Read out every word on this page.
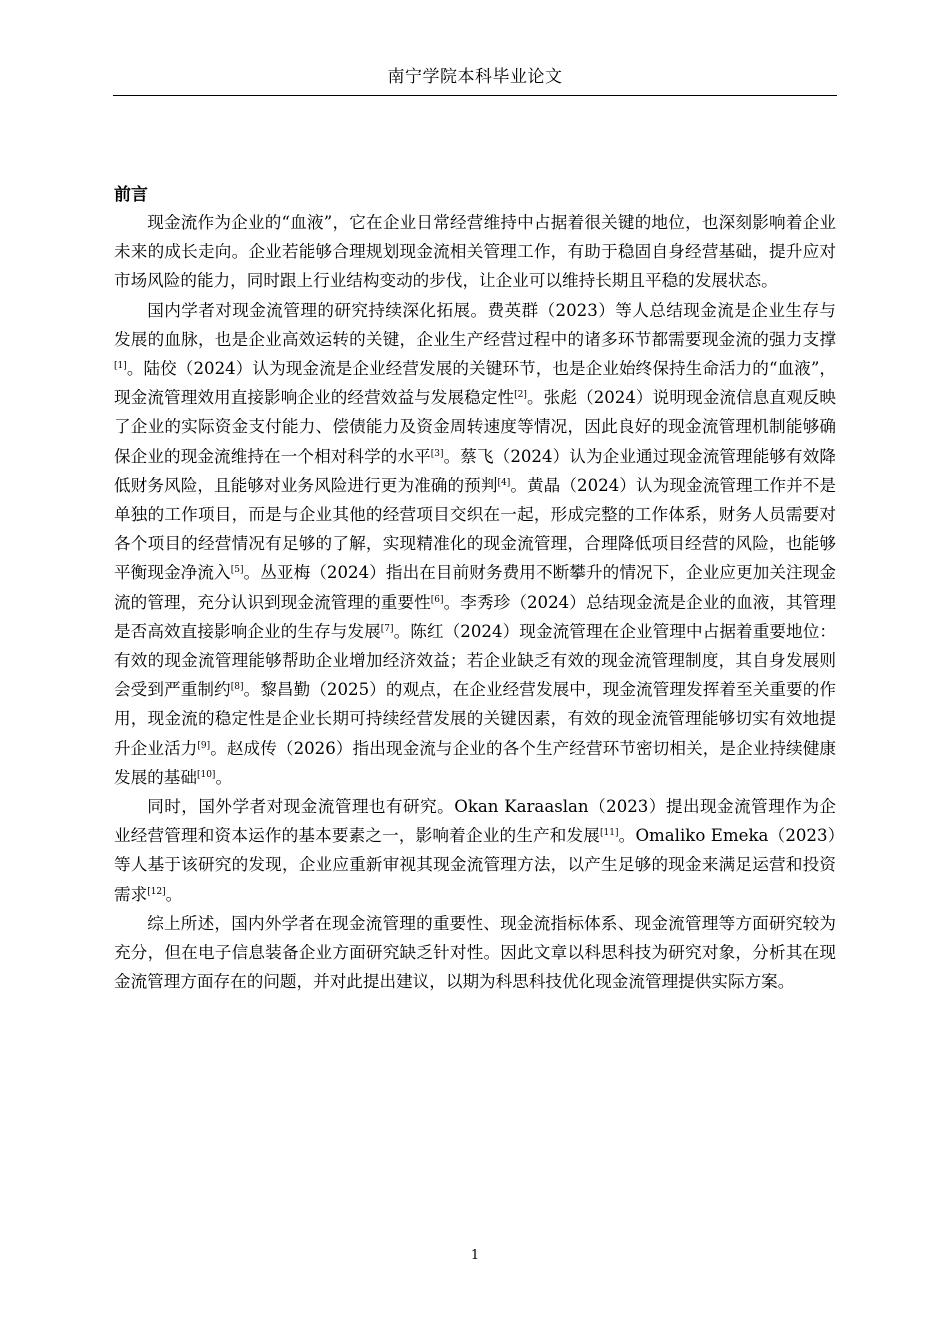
南宁学院本科毕业论文
前言

现金流作为企业的“血液”，它在企业日常经营维持中占据着很关键的地位，也深刻影响着企业未来的成长走向。企业若能够合理规划现金流相关管理工作，有助于稳固自身经营基础，提升应对市场风险的能力，同时跟上行业结构变动的步伐，让企业可以维持长期且平稳的发展状态。

国内学者对现金流管理的研究持续深化拓展。费英群（2023）等人总结现金流是企业生存与发展的血脉，也是企业高效运转的关键，企业生产经营过程中的诸多环节都需要现金流的强力支撑[1]。陆佼（2024）认为现金流是企业经营发展的关键环节，也是企业始终保持生命活力的“血液”，现金流管理效用直接影响企业的经营效益与发展稳定性[2]。张彪（2024）说明现金流信息直观反映了企业的实际资金支付能力、偿债能力及资金周转速度等情况，因此良好的现金流管理机制能够确保企业的现金流维持在一个相对科学的水平[3]。蔡飞（2024）认为企业通过现金流管理能够有效降低财务风险，且能够对业务风险进行更为准确的预判[4]。黄晶（2024）认为现金流管理工作并不是单独的工作项目，而是与企业其他的经营项目交织在一起，形成完整的工作体系，财务人员需要对各个项目的经营情况有足够的了解，实现精准化的现金流管理，合理降低项目经营的风险，也能够平衡现金净流入[5]。丛亚梅（2024）指出在目前财务费用不断攀升的情况下，企业应更加关注现金流的管理，充分认识到现金流管理的重要性[6]。李秀珍（2024）总结现金流是企业的血液，其管理是否高效直接影响企业的生存与发展[7]。陈红（2024）现金流管理在企业管理中占据着重要地位：有效的现金流管理能够帮助企业增加经济效益；若企业缺乏有效的现金流管理制度，其自身发展则会受到严重制约[8]。黎昌勤（2025）的观点，在企业经营发展中，现金流管理发挥着至关重要的作用，现金流的稳定性是企业长期可持续经营发展的关键因素，有效的现金流管理能够切实有效地提升企业活力[9]。赵成传（2026）指出现金流与企业的各个生产经营环节密切相关，是企业持续健康发展的基础[10]。

同时，国外学者对现金流管理也有研究。Okan Karaaslan（2023）提出现金流管理作为企业经营管理和资本运作的基本要素之一，影响着企业的生产和发展[11]。Omaliko Emeka（2023）等人基于该研究的发现，企业应重新审视其现金流管理方法，以产生足够的现金来满足运营和投资需求[12]。

综上所述，国内外学者在现金流管理的重要性、现金流指标体系、现金流管理等方面研究较为充分，但在电子信息装备企业方面研究缺乏针对性。因此文章以科思科技为研究对象，分析其在现金流管理方面存在的问题，并对此提出建议，以期为科思科技优化现金流管理提供实际方案。

1
